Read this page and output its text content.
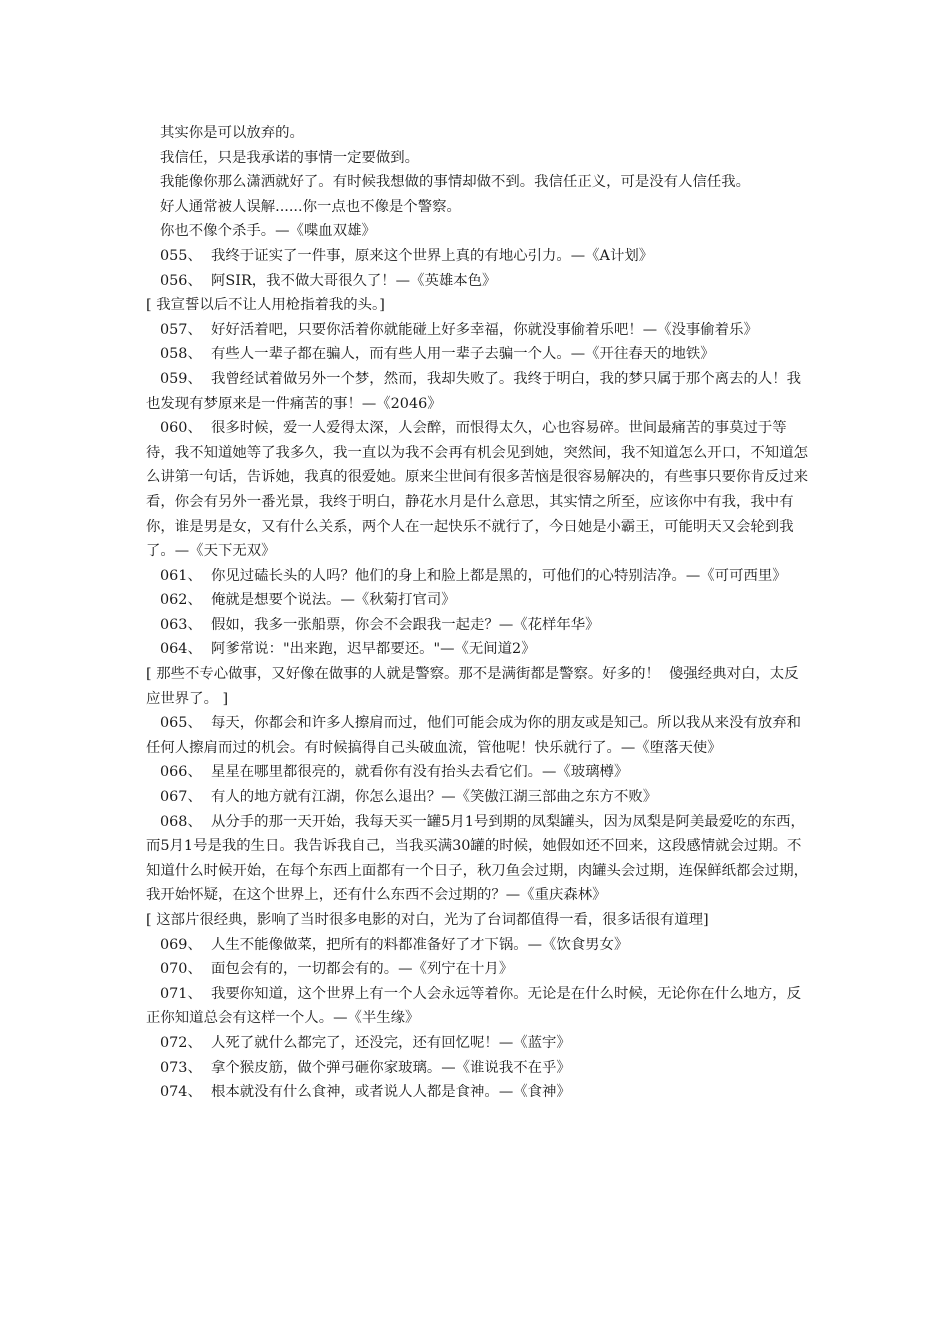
其实你是可以放弃的。

我信任，只是我承诺的事情一定要做到。

我能像你那么潇洒就好了。有时候我想做的事情却做不到。我信任正义，可是没有人信任我。

好人通常被人误解......你一点也不像是个警察。

你也不像个杀手。—《喋血双雄》

055、  我终于证实了一件事，原来这个世界上真的有地心引力。—《A计划》

056、  阿SIR，我不做大哥很久了！—《英雄本色》

[ 我宣誓以后不让人用枪指着我的头。]

057、  好好活着吧，只要你活着你就能碰上好多幸福，你就没事偷着乐吧！—《没事偷着乐》

058、  有些人一辈子都在骗人，而有些人用一辈子去骗一个人。—《开往春天的地铁》

059、  我曾经试着做另外一个梦，然而，我却失败了。我终于明白，我的梦只属于那个离去的人！我也发现有梦原来是一件痛苦的事！—《2046》

060、  很多时候，爱一人爱得太深，人会醉，而恨得太久，心也容易碎。世间最痛苦的事莫过于等待，我不知道她等了我多久，我一直以为我不会再有机会见到她，突然间，我不知道怎么开口，不知道怎么讲第一句话，告诉她，我真的很爱她。原来尘世间有很多苦恼是很容易解决的，有些事只要你肯反过来看，你会有另外一番光景，我终于明白，静花水月是什么意思，其实情之所至，应该你中有我，我中有你，谁是男是女，又有什么关系，两个人在一起快乐不就行了，今日她是小霸王，可能明天又会轮到我了。—《天下无双》

061、  你见过磕长头的人吗？他们的身上和脸上都是黑的，可他们的心特别洁净。—《可可西里》

062、  俺就是想要个说法。—《秋菊打官司》

063、  假如，我多一张船票，你会不会跟我一起走？—《花样年华》

064、  阿爹常说："出来跑，迟早都要还。"—《无间道2》

[ 那些不专心做事，又好像在做事的人就是警察。那不是满街都是警察。好多的！  傻强经典对白，太反应世界了。 ]

065、  每天，你都会和许多人擦肩而过，他们可能会成为你的朋友或是知己。所以我从来没有放弃和任何人擦肩而过的机会。有时候搞得自己头破血流，管他呢！快乐就行了。—《堕落天使》

066、  星星在哪里都很亮的，就看你有没有抬头去看它们。—《玻璃樽》

067、  有人的地方就有江湖，你怎么退出？—《笑傲江湖三部曲之东方不败》

068、  从分手的那一天开始，我每天买一罐5月1号到期的凤梨罐头，因为凤梨是阿美最爱吃的东西，而5月1号是我的生日。我告诉我自己，当我买满30罐的时候，她假如还不回来，这段感情就会过期。不知道什么时候开始，在每个东西上面都有一个日子，秋刀鱼会过期，肉罐头会过期，连保鲜纸都会过期，我开始怀疑，在这个世界上，还有什么东西不会过期的？—《重庆森林》

[ 这部片很经典，影响了当时很多电影的对白，光为了台词都值得一看，很多话很有道理]

069、  人生不能像做菜，把所有的料都准备好了才下锅。—《饮食男女》

070、  面包会有的，一切都会有的。—《列宁在十月》

071、  我要你知道，这个世界上有一个人会永远等着你。无论是在什么时候，无论你在什么地方，反正你知道总会有这样一个人。—《半生缘》

072、  人死了就什么都完了，还没完，还有回忆呢！—《蓝宇》

073、  拿个猴皮筋，做个弹弓砸你家玻璃。—《谁说我不在乎》

074、  根本就没有什么食神，或者说人人都是食神。—《食神》
